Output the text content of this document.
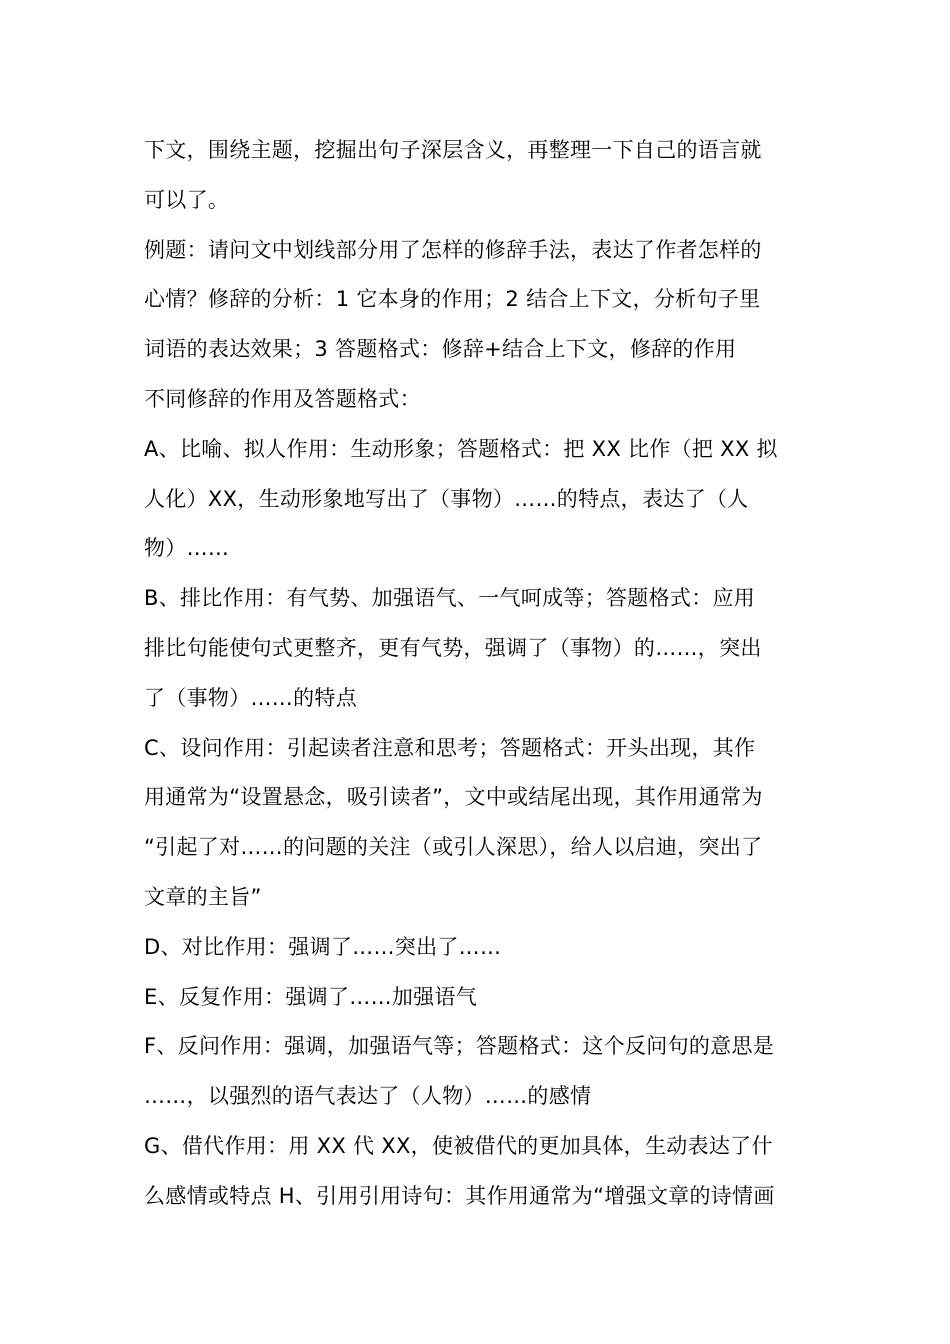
下文，围绕主题，挖掘出句子深层含义，再整理一下自己的语言就
可以了。
例题：请问文中划线部分用了怎样的修辞手法，表达了作者怎样的
心情？修辞的分析：1 它本身的作用；2 结合上下文，分析句子里
词语的表达效果；3 答题格式：修辞+结合上下文，修辞的作用
不同修辞的作用及答题格式：
A、比喻、拟人作用：生动形象；答题格式：把 XX 比作（把 XX 拟
人化）XX，生动形象地写出了（事物）……的特点，表达了（人
物）……
B、排比作用：有气势、加强语气、一气呵成等；答题格式：应用
排比句能使句式更整齐，更有气势，强调了（事物）的……，突出
了（事物）……的特点
C、设问作用：引起读者注意和思考；答题格式：开头出现，其作
用通常为“设置悬念，吸引读者”，文中或结尾出现，其作用通常为
“引起了对……的问题的关注（或引人深思），给人以启迪，突出了
文章的主旨”
D、对比作用：强调了……突出了……
E、反复作用：强调了……加强语气
F、反问作用：强调，加强语气等；答题格式：这个反问句的意思是
……，以强烈的语气表达了（人物）……的感情
G、借代作用：用 XX 代 XX，使被借代的更加具体，生动表达了什
么感情或特点 H、引用引用诗句：其作用通常为“增强文章的诗情画
